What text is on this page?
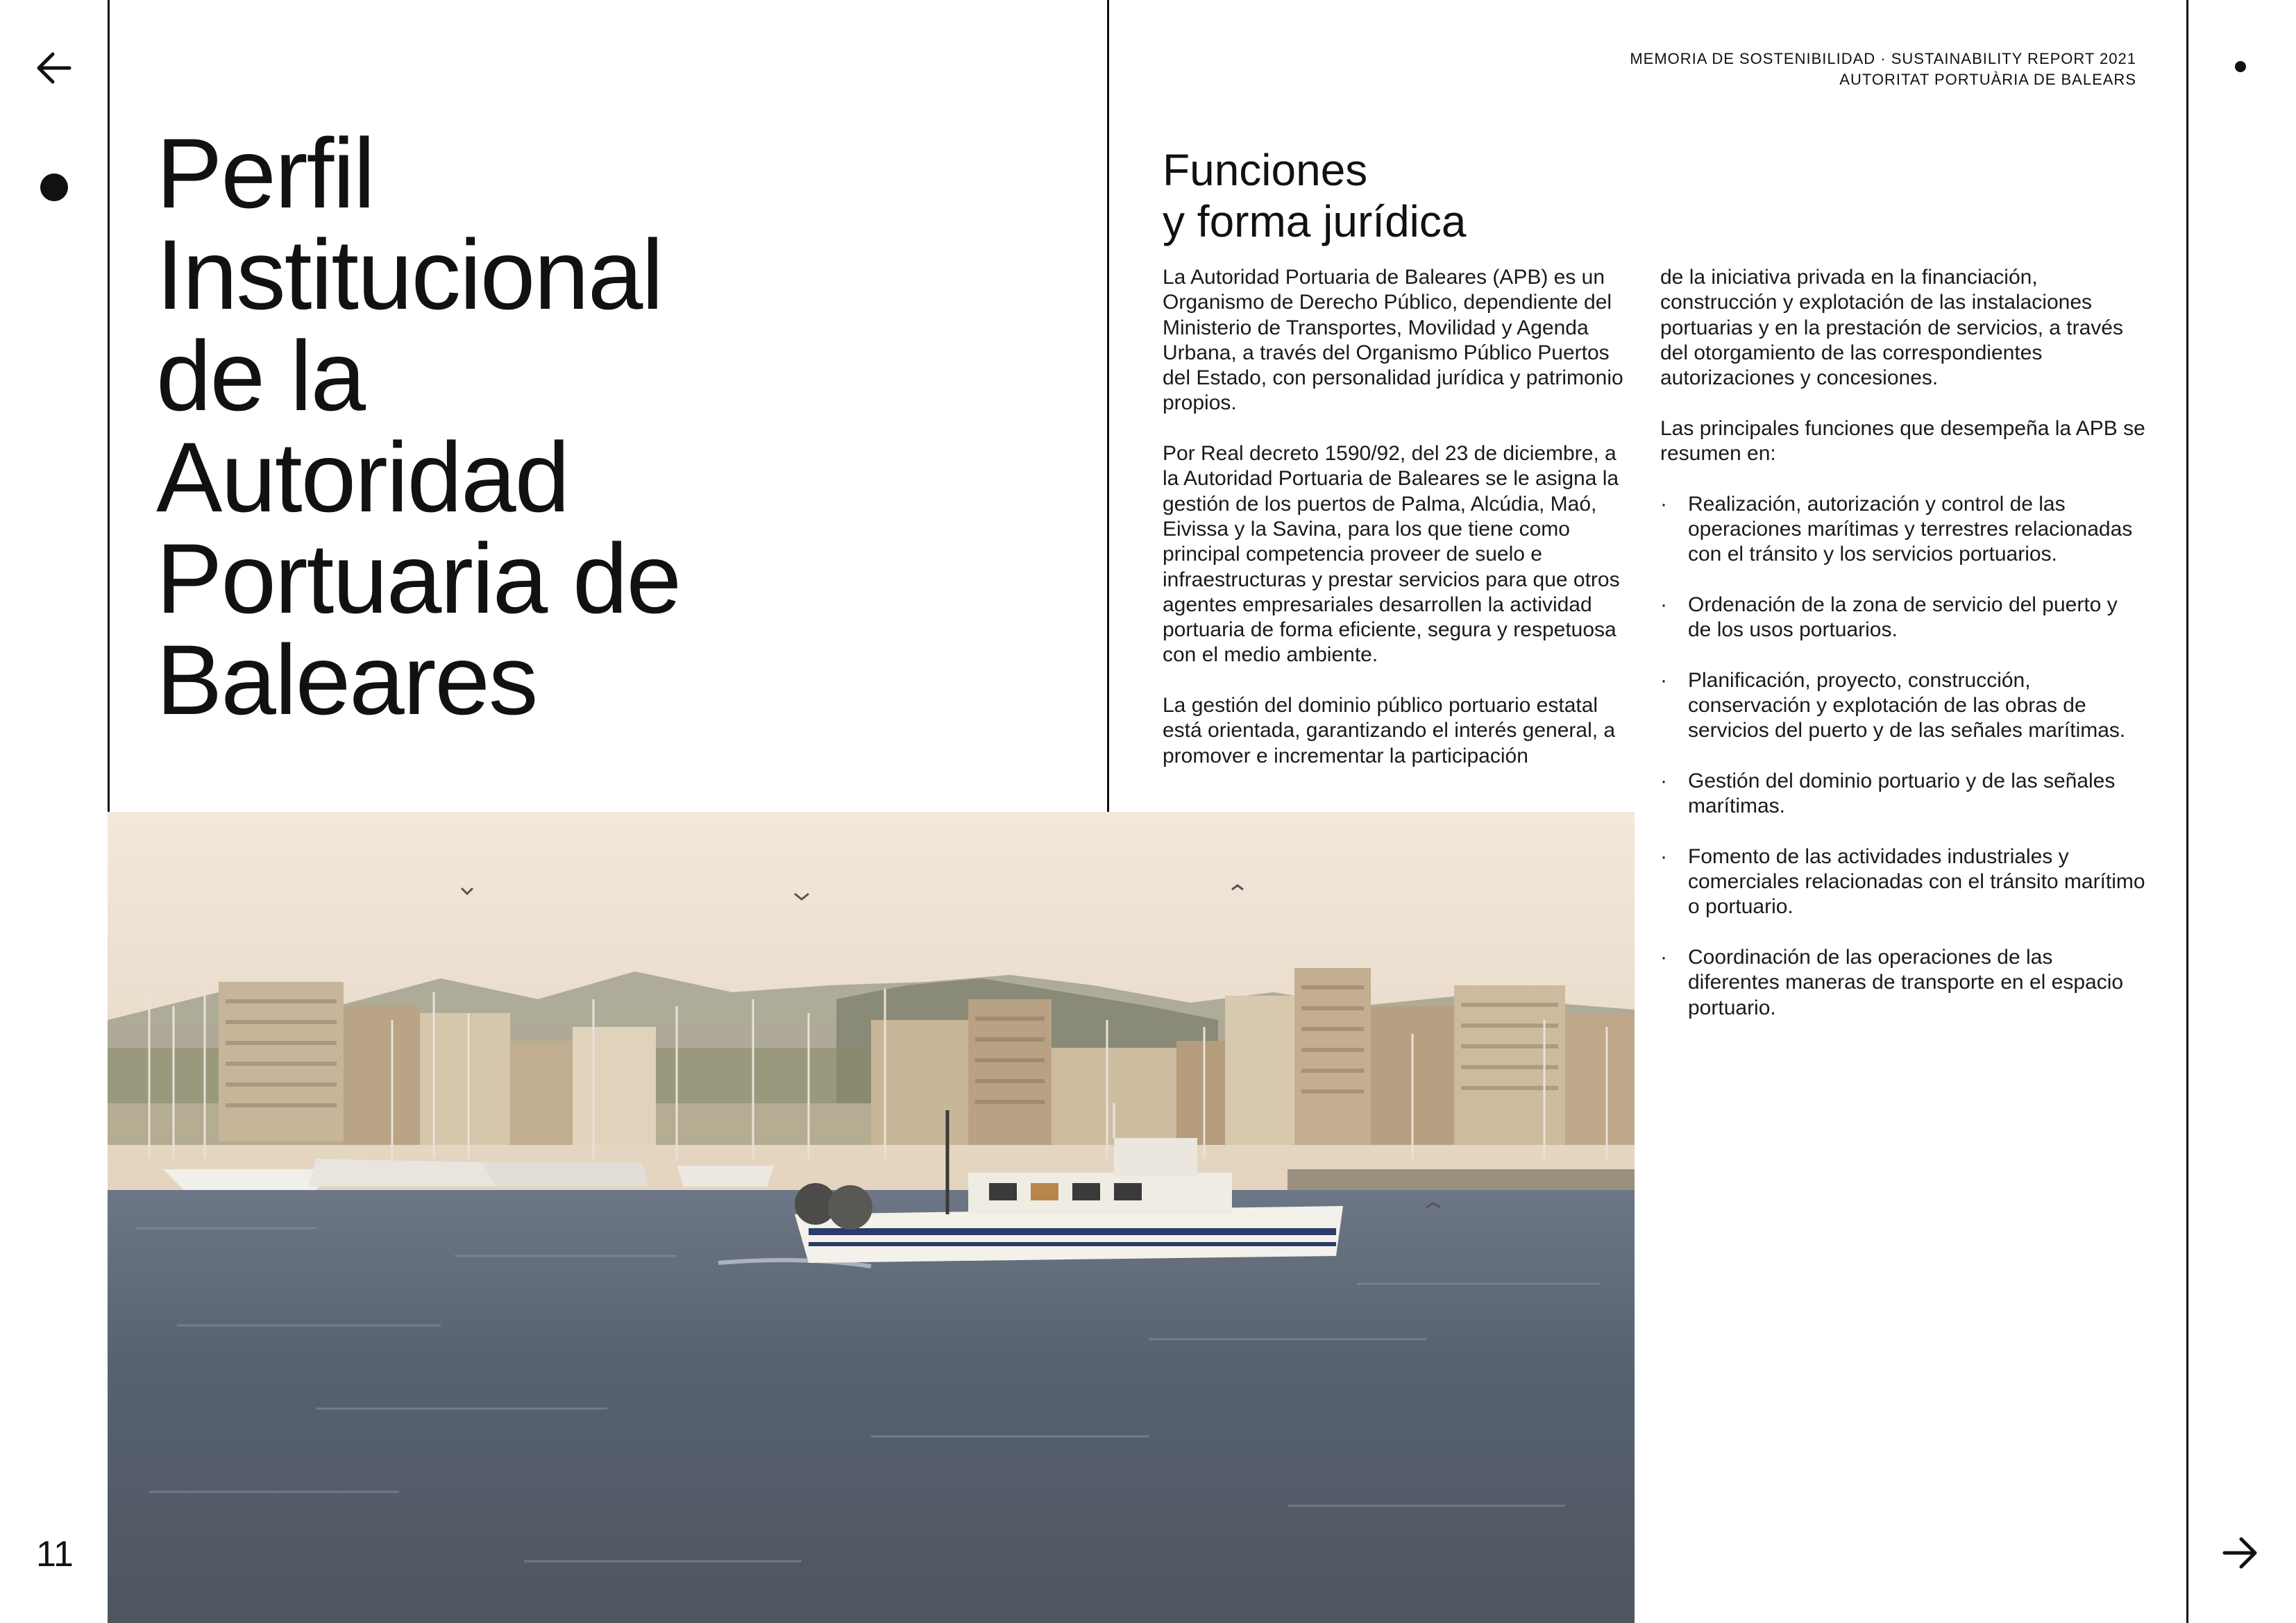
11
MEMORIA DE SOSTENIBILIDAD · SUSTAINABILITY REPORT 2021
AUTORITAT PORTUÀRIA DE BALEARS
Perfil
Institucional
de la
Autoridad
Portuaria de
Baleares
Funciones
y forma jurídica

La Autoridad Portuaria de Baleares (APB) es un Organismo de Derecho Público, dependiente del Ministerio de Transportes, Movilidad y Agenda Urbana, a través del Organismo Público Puertos del Estado, con personalidad jurídica y patrimonio propios.

Por Real decreto 1590/92, del 23 de diciembre, a la Autoridad Portuaria de Baleares se le asigna la gestión de los puertos de Palma, Alcúdia, Maó, Eivissa y la Savina, para los que tiene como principal competencia proveer de suelo e infraestructuras y prestar servicios para que otros agentes empresariales desarrollen la actividad portuaria de forma eficiente, segura y respetuosa con el medio ambiente.

La gestión del dominio público portuario estatal está orientada, garantizando el interés general, a promover e incrementar la participación

de la iniciativa privada en la financiación, construcción y explotación de las instalaciones portuarias y en la prestación de servicios, a través del otorgamiento de las correspondientes autorizaciones y concesiones.

Las principales funciones que desempeña la APB se resumen en:

· Realización, autorización y control de las operaciones marítimas y terrestres relacionadas con el tránsito y los servicios portuarios.
· Ordenación de la zona de servicio del puerto y de los usos portuarios.
· Planificación, proyecto, construcción, conservación y explotación de las obras de servicios del puerto y de las señales marítimas.
· Gestión del dominio portuario y de las señales marítimas.
· Fomento de las actividades industriales y comerciales relacionadas con el tránsito marítimo o portuario.
· Coordinación de las operaciones de las diferentes maneras de transporte en el espacio portuario.
